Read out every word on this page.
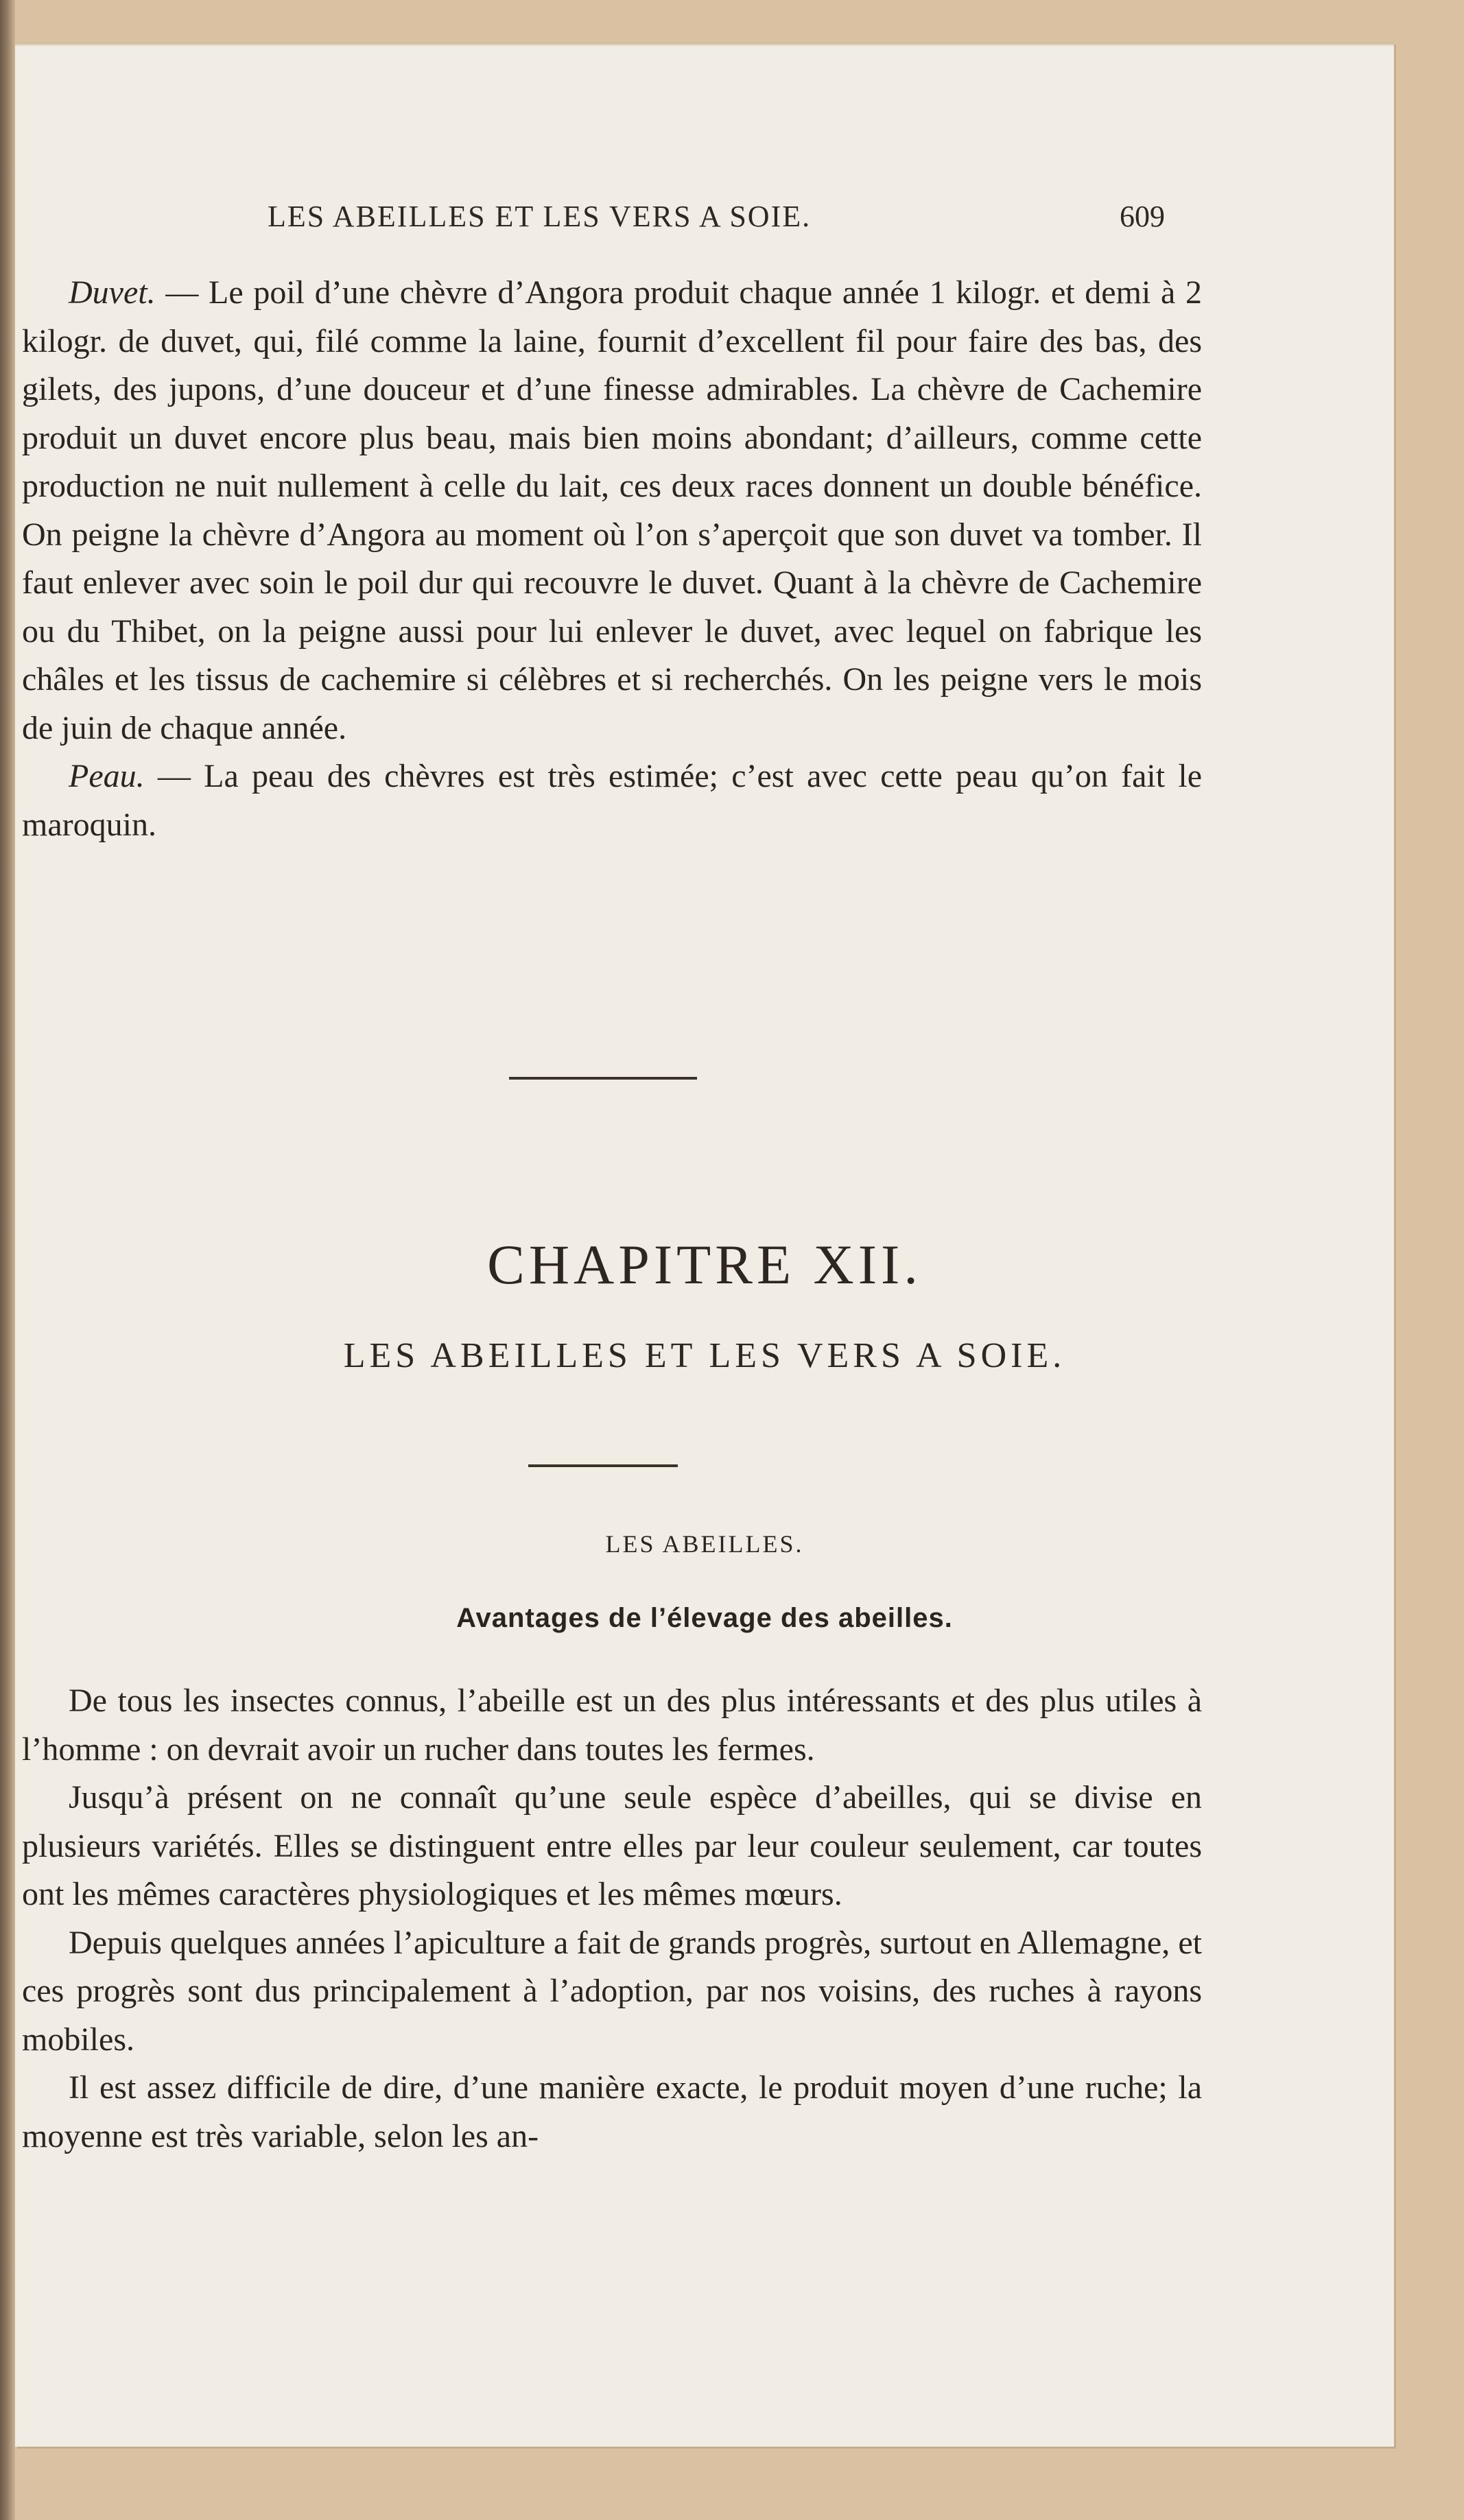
LES ABEILLES ET LES VERS A SOIE.	609

Duvet. — Le poil d’une chèvre d’Angora produit chaque année 1 kilogr. et demi à 2 kilogr. de duvet, qui, filé comme la laine, fournit d’excellent fil pour faire des bas, des gilets, des jupons, d’une douceur et d’une finesse admirables. La chèvre de Cachemire produit un duvet encore plus beau, mais bien moins abondant; d’ailleurs, comme cette production ne nuit nullement à celle du lait, ces deux races donnent un double bénéfice. On peigne la chèvre d’Angora au moment où l’on s’aperçoit que son duvet va tomber. Il faut enlever avec soin le poil dur qui recouvre le duvet. Quant à la chèvre de Cachemire ou du Thibet, on la peigne aussi pour lui enlever le duvet, avec lequel on fabrique les châles et les tissus de cachemire si célèbres et si recherchés. On les peigne vers le mois de juin de chaque année.

Peau. — La peau des chèvres est très estimée; c’est avec cette peau qu’on fait le maroquin.

CHAPITRE XII.
LES ABEILLES ET LES VERS A SOIE.
LES ABEILLES.
Avantages de l’élevage des abeilles.

De tous les insectes connus, l’abeille est un des plus intéressants et des plus utiles à l’homme : on devrait avoir un rucher dans toutes les fermes.

Jusqu’à présent on ne connaît qu’une seule espèce d’abeilles, qui se divise en plusieurs variétés. Elles se distinguent entre elles par leur couleur seulement, car toutes ont les mêmes caractères physiologiques et les mêmes mœurs.

Depuis quelques années l’apiculture a fait de grands progrès, surtout en Allemagne, et ces progrès sont dus principalement à l’adoption, par nos voisins, des ruches à rayons mobiles.

Il est assez difficile de dire, d’une manière exacte, le produit moyen d’une ruche; la moyenne est très variable, selon les an-
